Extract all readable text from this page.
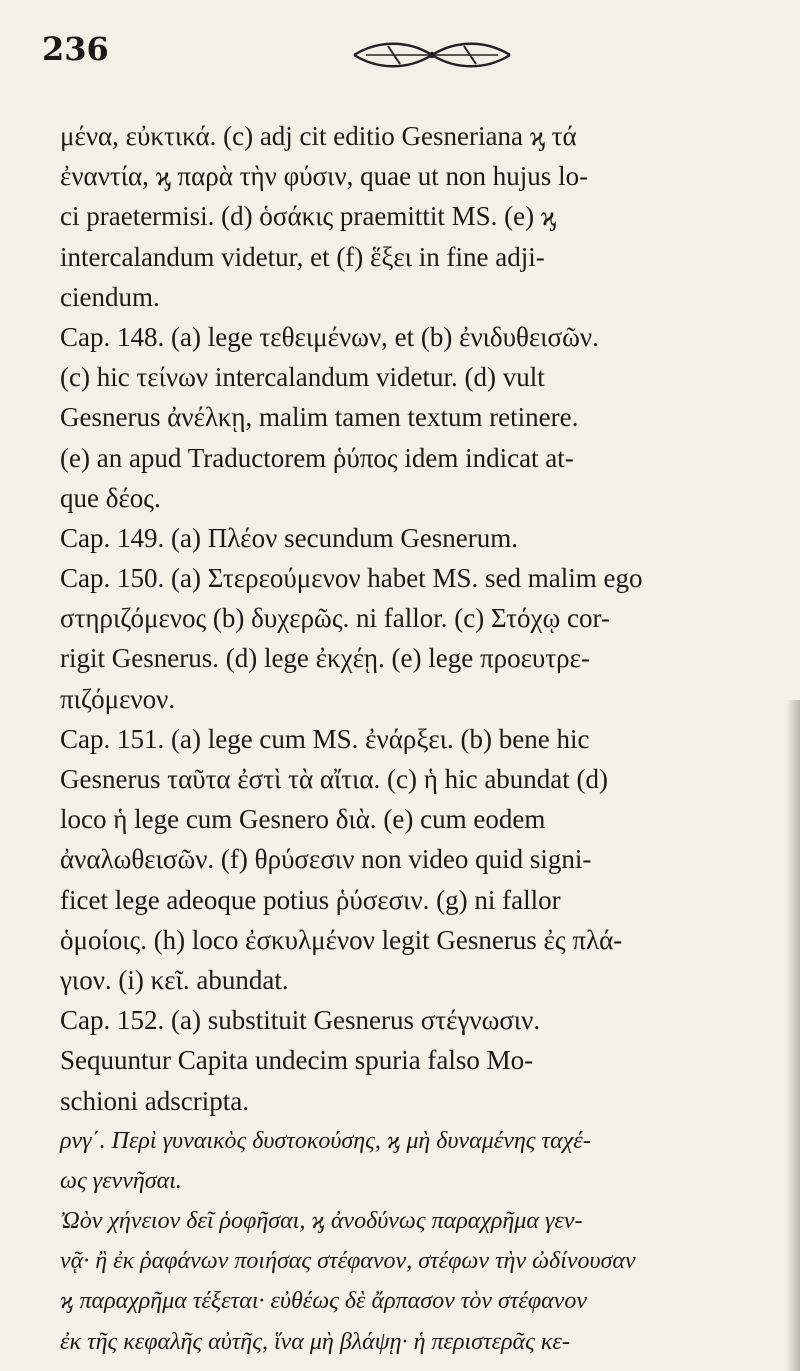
236
μένα, εὐκτικά. (c) adj cit editio Gesneriana ϗ τά
ἐναντία, ϗ παρὰ τὴν φύσιν, quae ut non hujus lo-
ci praetermisi. (d) ὁσάκις praemittit MS. (e) ϗ
intercalandum videtur, et (f) ἕξει in fine adji-
ciendum.
Cap. 148. (a) lege τεθειμένων, et (b) ἐνιδυθεισῶν.
(c) hic τείνων intercalandum videtur. (d) vult
Gesnerus ἀνέλκῃ, malim tamen textum retinere.
(e) an apud Traductorem ῥύπος idem indicat at-
que δέος.
Cap. 149. (a) Πλέον secundum Gesnerum.
Cap. 150. (a) Στερεούμενον habet MS. sed malim ego
στηριζόμενος (b) δυχερῶς. ni fallor. (c) Στόχῳ cor-
rigit Gesnerus. (d) lege ἐκχέῃ. (e) lege προευτρε-
πιζόμενον.
Cap. 151. (a) lege cum MS. ἐνάρξει. (b) bene hic
Gesnerus ταῦτα ἐστὶ τὰ αἴτια. (c) ἡ hic abundat (d)
loco ἡ lege cum Gesnero διὰ. (e) cum eodem
ἀναλωθεισῶν. (f) θρύσεσιν non video quid signi-
ficet lege adeoque potius ῥύσεσιν. (g) ni fallor
ὁμοίοις. (h) loco ἐσκυλμένον legit Gesnerus ἐς πλά-
γιον. (i) κεῖ. abundat.
Cap. 152. (a) substituit Gesnerus στέγνωσιν.
Sequuntur Capita undecim spuria falso Mo-
schioni adscripta.
ρνγ΄. Περὶ γυναικὸς δυστοκούσης, ϗ μὴ δυναμένης ταχέ-
ως γεννῆσαι.
Ὠὸν χήνειον δεῖ ῥοφῆσαι, ϗ ἀνοδύνως παραχρῆμα γεν-
νᾷ· ἢ ἐκ ῥαφάνων ποιήσας στέφανον, στέφων τὴν ὠδίνουσαν
ϗ παραχρῆμα τέξεται· εὐθέως δὲ ἄρπασον τὸν στέφανον
ἐκ τῆς κεφαλῆς αὐτῆς, ἵνα μὴ βλάψῃ· ἡ περιστερᾶς κε-
